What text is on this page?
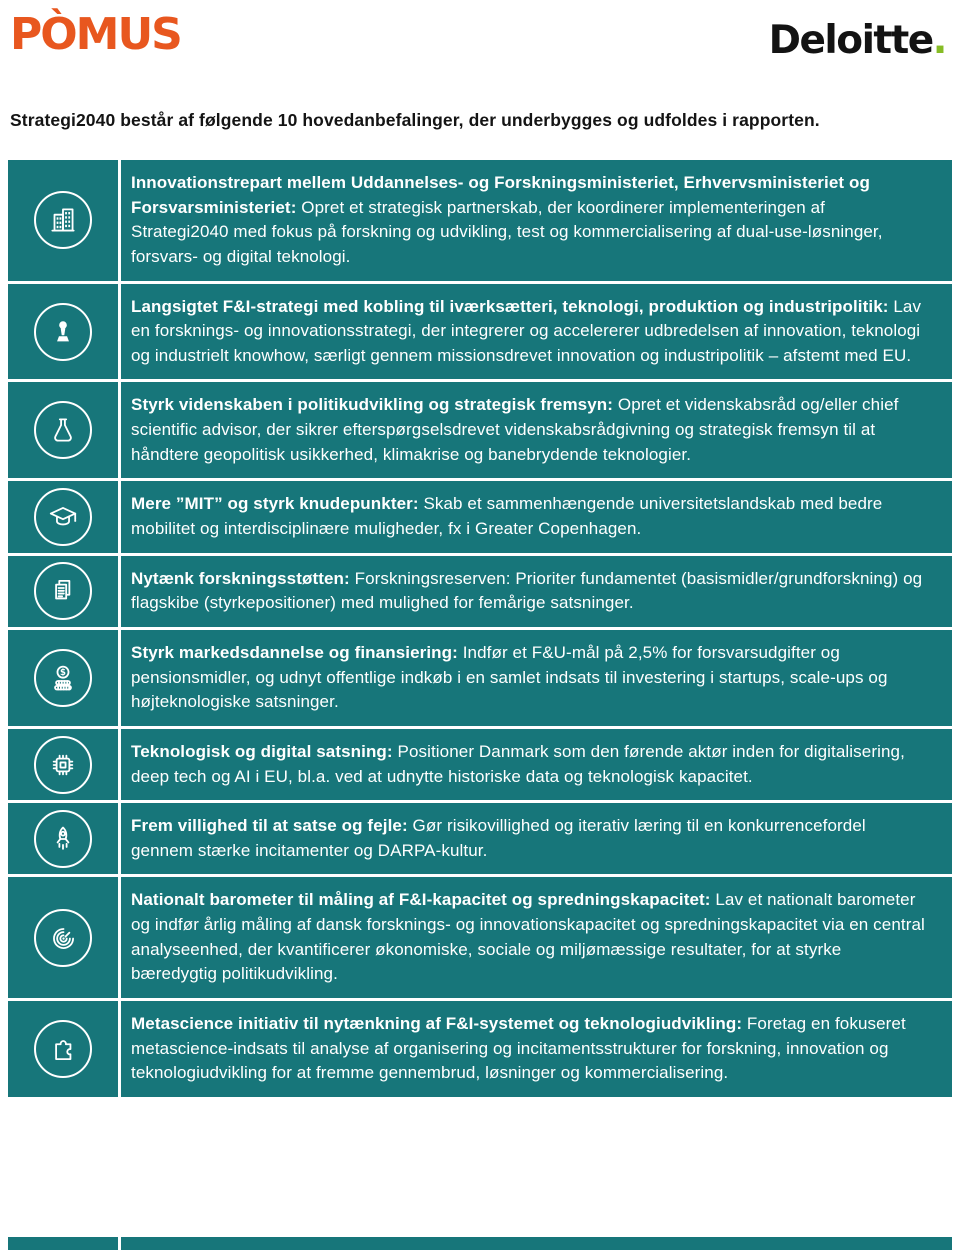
PÒMUS	Deloitte.

Strategi2040 består af følgende 10 hovedanbefalinger, der underbygges og udfoldes i rapporten.

Innovationstrepart mellem Uddannelses- og Forskningsministeriet, Erhvervsministeriet og Forsvarsministeriet: Opret et strategisk partnerskab, der koordinerer implementeringen af Strategi2040 med fokus på forskning og udvikling, test og kommercialisering af dual-use-løsninger, forsvars- og digital teknologi.

Langsigtet F&I-strategi med kobling til iværksætteri, teknologi, produktion og industripolitik: Lav en forsknings- og innovationsstrategi, der integrerer og accelererer udbredelsen af innovation, teknologi og industrielt knowhow, særligt gennem missionsdrevet innovation og industripolitik – afstemt med EU.

Styrk videnskaben i politikudvikling og strategisk fremsyn: Opret et videnskabsråd og/eller chief scientific advisor, der sikrer efterspørgselsdrevet videnskabsrådgivning og strategisk fremsyn til at håndtere geopolitisk usikkerhed, klimakrise og banebrydende teknologier.

Mere ”MIT” og styrk knudepunkter: Skab et sammenhængende universitetslandskab med bedre mobilitet og interdisciplinære muligheder, fx i Greater Copenhagen.

Nytænk forskningsstøtten: Forskningsreserven: Prioriter fundamentet (basismidler/grundforskning) og flagskibe (styrkepositioner) med mulighed for femårige satsninger.

$

Styrk markedsdannelse og finansiering: Indfør et F&U-mål på 2,5% for forsvarsudgifter og pensionsmidler, og udnyt offentlige indkøb i en samlet indsats til investering i startups, scale-ups og højteknologiske satsninger.

Teknologisk og digital satsning: Positioner Danmark som den førende aktør inden for digitalisering, deep tech og AI i EU, bl.a. ved at udnytte historiske data og teknologisk kapacitet.

Frem villighed til at satse og fejle: Gør risikovillighed og iterativ læring til en konkurrencefordel gennem stærke incitamenter og DARPA-kultur.

Nationalt barometer til måling af F&I-kapacitet og spredningskapacitet: Lav et nationalt barometer og indfør årlig måling af dansk forsknings- og innovationskapacitet og spredningskapacitet via en central analyseenhed, der kvantificerer økonomiske, sociale og miljømæssige resultater, for at styrke bæredygtig politikudvikling.

Metascience initiativ til nytænkning af F&I-systemet og teknologiudvikling: Foretag en fokuseret metascience-indsats til analyse af organisering og incitamentsstrukturer for forskning, innovation og teknologiudvikling for at fremme gennembrud, løsninger og kommercialisering.
